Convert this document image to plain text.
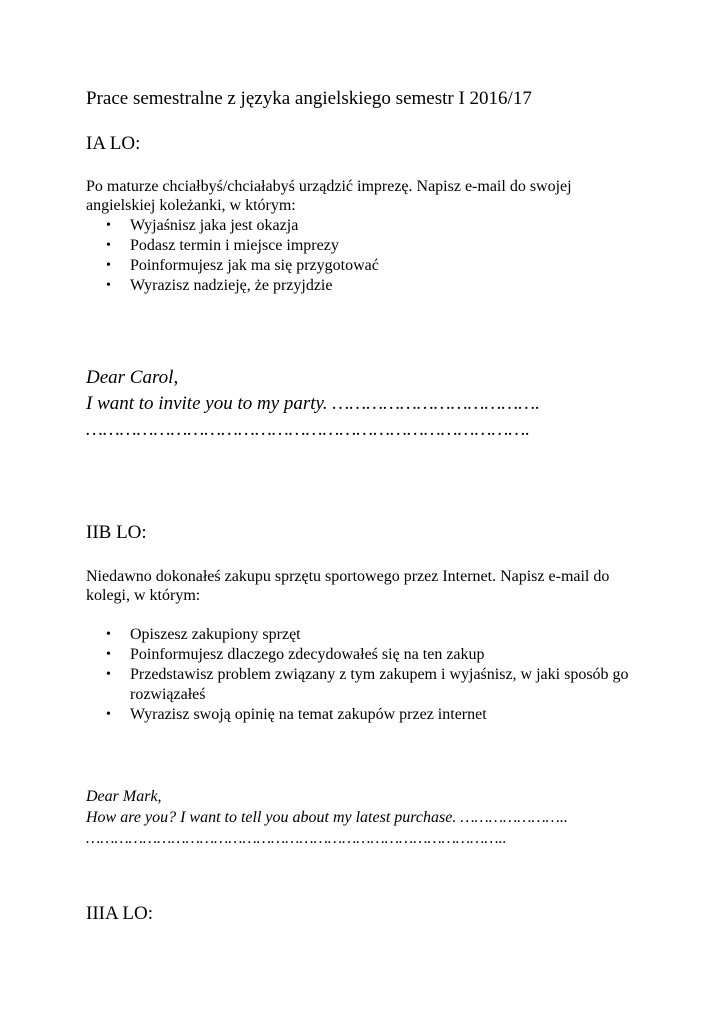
Prace semestralne z języka angielskiego semestr I 2016/17
IA LO:
Po maturze chciałbyś/chciałabyś urządzić imprezę. Napisz e-mail do swojej angielskiej koleżanki, w którym:
• Wyjaśnisz jaka jest okazja
• Podasz termin i miejsce imprezy
• Poinformujesz jak ma się przygotować
• Wyrazisz nadzieję, że przyjdzie
Dear Carol,
I want to invite you to my party. ……………………………….
…………………………………………………………………….
IIB LO:
Niedawno dokonałeś zakupu sprzętu sportowego przez Internet. Napisz e-mail do kolegi, w którym:
• Opiszesz zakupiony sprzęt
• Poinformujesz dlaczego zdecydowałeś się na ten zakup
• Przedstawisz problem związany z tym zakupem i wyjaśnisz, w jaki sposób go rozwiązałeś
• Wyrazisz swoją opinię na temat zakupów przez internet
Dear Mark,
How are you? I want to tell you about my latest purchase. …………………..
……………………………………………………………………………..
IIIA LO:
